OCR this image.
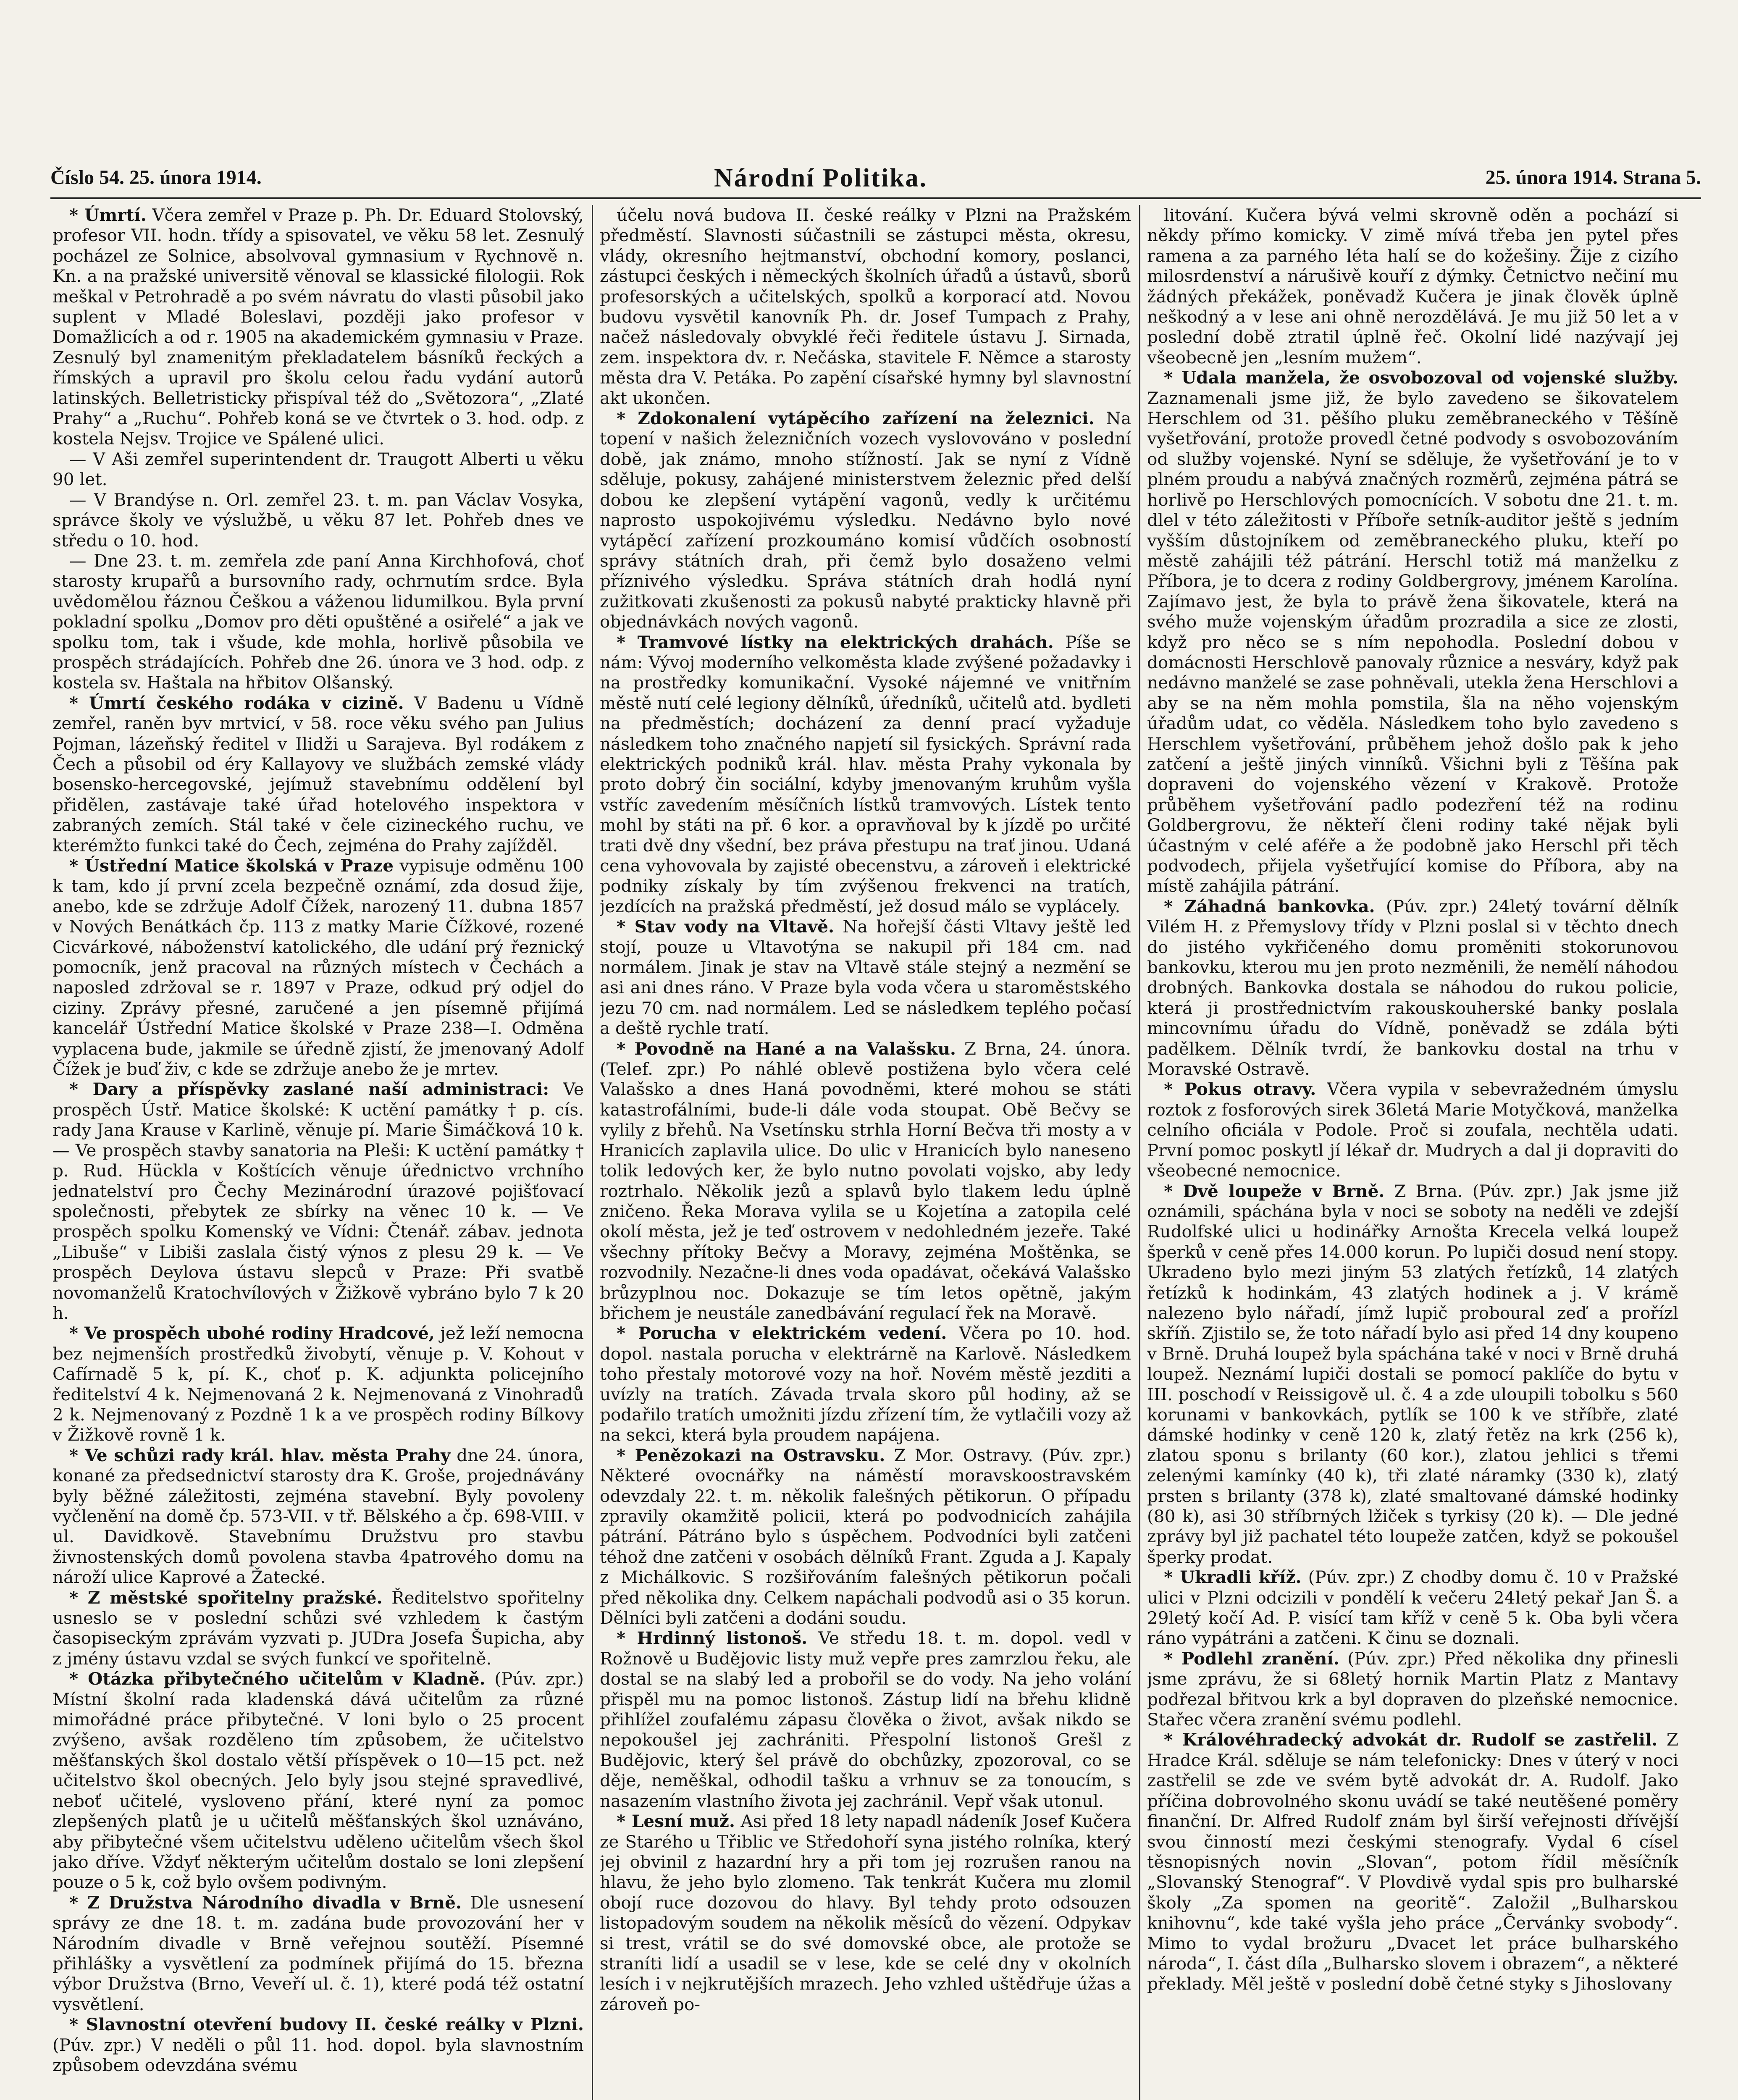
Číslo 54. 25. února 1914.	Národní Politika.	25. února 1914. Strana 5.

* Úmrtí. Včera zemřel v Praze p. Ph. Dr. Eduard Stolovský, profesor VII. hodn. třídy a spisovatel, ve věku 58 let. Zesnulý pocházel ze Solnice, absolvoval gymnasium v Rychnově n. Kn. a na pražské universitě věnoval se klassické filologii. Rok meškal v Petrohradě a po svém návratu do vlasti působil jako suplent v Mladé Boleslavi, později jako profesor v Domažlicích a od r. 1905 na akademickém gymnasiu v Praze. Zesnulý byl znamenitým překladatelem básníků řeckých a římských a upravil pro školu celou řadu vydání autorů latinských. Belletristicky přispíval též do „Světozora“, „Zlaté Prahy“ a „Ruchu“. Pohřeb koná se ve čtvrtek o 3. hod. odp. z kostela Nejsv. Trojice ve Spálené ulici.

— V Aši zemřel superintendent dr. Traugott Alberti u věku 90 let.

— V Brandýse n. Orl. zemřel 23. t. m. pan Václav Vosyka, správce školy ve výslužbě, u věku 87 let. Pohřeb dnes ve středu o 10. hod.

— Dne 23. t. m. zemřela zde paní Anna Kirchhofová, choť starosty krupařů a bursovního rady, ochrnutím srdce. Byla uvědomělou řáznou Češkou a váženou lidumilkou. Byla první pokladní spolku „Domov pro děti opuštěné a osiřelé“ a jak ve spolku tom, tak i všude, kde mohla, horlivě působila ve prospěch strádajících. Pohřeb dne 26. února ve 3 hod. odp. z kostela sv. Haštala na hřbitov Olšanský.

* Úmrtí českého rodáka v cizině. V Badenu u Vídně zemřel, raněn byv mrtvicí, v 58. roce věku svého pan Julius Pojman, lázeňský ředitel v Ilidži u Sarajeva. Byl rodákem z Čech a působil od éry Kallayovy ve službách zemské vlády bosensko-hercegovské, jejímuž stavebnímu oddělení byl přidělen, zastávaje také úřad hotelového inspektora v zabraných zemích. Stál také v čele cizineckého ruchu, ve kterémžto funkci také do Čech, zejména do Prahy zajížděl.

* Ústřední Matice školská v Praze vypisuje odměnu 100 k tam, kdo jí první zcela bezpečně oznámí, zda dosud žije, anebo, kde se zdržuje Adolf Čížek, narozený 11. dubna 1857 v Nových Benátkách čp. 113 z matky Marie Čížkové, rozené Cicvárkové, náboženství katolického, dle udání prý řeznický pomocník, jenž pracoval na různých místech v Čechách a naposled zdržoval se r. 1897 v Praze, odkud prý odjel do ciziny. Zprávy přesné, zaručené a jen písemně přijímá kancelář Ústřední Matice školské v Praze 238—I. Odměna vyplacena bude, jakmile se úředně zjistí, že jmenovaný Adolf Čížek je buď živ, c kde se zdržuje anebo že je mrtev.

* Dary a příspěvky zaslané naší administraci: Ve prospěch Ústř. Matice školské: K uctění památky † p. cís. rady Jana Krause v Karlině, věnuje pí. Marie Šimáčková 10 k. — Ve prospěch stavby sanatoria na Pleši: K uctění památky † p. Rud. Hückla v Koštících věnuje úřednictvo vrchního jednatelství pro Čechy Mezinárodní úrazové pojišťovací společnosti, přebytek ze sbírky na věnec 10 k. — Ve prospěch spolku Komenský ve Vídni: Čtenář. zábav. jednota „Libuše“ v Libiši zaslala čistý výnos z plesu 29 k. — Ve prospěch Deylova ústavu slepců v Praze: Při svatbě novomanželů Kratochvílových v Žižkově vybráno bylo 7 k 20 h.

* Ve prospěch ubohé rodiny Hradcové, jež leží nemocna bez nejmenších prostředků živobytí, věnuje p. V. Kohout v Cafírnadě 5 k, pí. K., choť p. K. adjunkta policejního ředitelství 4 k. Nejmenovaná 2 k. Nejmenovaná z Vinohradů 2 k. Nejmenovaný z Pozdně 1 k a ve prospěch rodiny Bílkovy v Žižkově rovně 1 k.

* Ve schůzi rady král. hlav. města Prahy dne 24. února, konané za předsednictví starosty dra K. Groše, projednávány byly běžné záležitosti, zejména stavební. Byly povoleny vyčlenění na domě čp. 573-VII. v tř. Bělského a čp. 698-VIII. v ul. Davidkově. Stavebnímu Družstvu pro stavbu živnostenských domů povolena stavba 4patrového domu na nároží ulice Kaprové a Žatecké.

* Z městské spořitelny pražské. Ředitelstvo spořitelny usneslo se v poslední schůzi své vzhledem k častým časopiseckým zprávám vyzvati p. JUDra Josefa Šupicha, aby z jmény ústavu vzdal se svých funkcí ve spořitelně.

* Otázka přibytečného učitelům v Kladně. (Púv. zpr.) Místní školní rada kladenská dává učitelům za různé mimořádné práce přibytečné. V loni bylo o 25 procent zvýšeno, avšak rozděleno tím způsobem, že učitelstvo měšťanských škol dostalo větší příspěvek o 10—15 pct. než učitelstvo škol obecných. Jelo byly jsou stejné spravedlivé, neboť učitelé, vysloveno přání, které nyní za pomoc zlepšených platů je u učitelů měšťanských škol uznáváno, aby přibytečné všem učitelstvu uděleno učitelům všech škol jako dříve. Vždyť některým učitelům dostalo se loni zlepšení pouze o 5 k, což bylo ovšem podivným.

* Z Družstva Národního divadla v Brně. Dle usnesení správy ze dne 18. t. m. zadána bude provozování her v Národním divadle v Brně veřejnou soutěží. Písemné přihlášky a vysvětlení za podmínek přijímá do 15. března výbor Družstva (Brno, Veveří ul. č. 1), které podá též ostatní vysvětlení.

* Slavnostní otevření budovy II. české reálky v Plzni. (Púv. zpr.) V neděli o půl 11. hod. dopol. byla slavnostním způsobem odevzdána svému

účelu nová budova II. české reálky v Plzni na Pražském předměstí. Slavnosti súčastnili se zástupci města, okresu, vlády, okresního hejtmanství, obchodní komory, poslanci, zástupci českých i německých školních úřadů a ústavů, sborů profesorských a učitelských, spolků a korporací atd. Novou budovu vysvětil kanovník Ph. dr. Josef Tumpach z Prahy, načež následovaly obvyklé řeči ředitele ústavu J. Sirnada, zem. inspektora dv. r. Nečáska, stavitele F. Němce a starosty města dra V. Petáka. Po zapění císařské hymny byl slavnostní akt ukončen.

* Zdokonalení vytápěcího zařízení na železnici. Na topení v našich železničních vozech vyslovováno v poslední době, jak známo, mnoho stížností. Jak se nyní z Vídně sděluje, pokusy, zahájené ministerstvem železnic před delší dobou ke zlepšení vytápění vagonů, vedly k určitému naprosto uspokojivému výsledku. Nedávno bylo nové vytápěcí zařízení prozkoumáno komisí vůdčích osobností správy státních drah, při čemž bylo dosaženo velmi příznivého výsledku. Správa státních drah hodlá nyní zužitkovati zkušenosti za pokusů nabyté prakticky hlavně při objednávkách nových vagonů.

* Tramvové lístky na elektrických drahách. Píše se nám: Vývoj moderního velkoměsta klade zvýšené požadavky i na prostředky komunikační. Vysoké nájemné ve vnitřním městě nutí celé legiony dělníků, úředníků, učitelů atd. bydleti na předměstích; docházení za denní prací vyžaduje následkem toho značného napjetí sil fysických. Správní rada elektrických podniků král. hlav. města Prahy vykonala by proto dobrý čin sociální, kdyby jmenovaným kruhům vyšla vstříc zavedením měsíčních lístků tramvových. Lístek tento mohl by státi na př. 6 kor. a opravňoval by k jízdě po určité trati dvě dny všední, bez práva přestupu na trať jinou. Udaná cena vyhovovala by zajisté obecenstvu, a zároveň i elektrické podniky získaly by tím zvýšenou frekvenci na tratích, jezdících na pražská předměstí, jež dosud málo se vyplácely.

* Stav vody na Vltavě. Na hořejší části Vltavy ještě led stojí, pouze u Vltavotýna se nakupil při 184 cm. nad normálem. Jinak je stav na Vltavě stále stejný a nezmění se asi ani dnes ráno. V Praze byla voda včera u staroměstského jezu 70 cm. nad normálem. Led se následkem teplého počasí a deště rychle tratí.

* Povodně na Hané a na Valašsku. Z Brna, 24. února. (Telef. zpr.) Po náhlé oblevě postižena bylo včera celé Valašsko a dnes Haná povodněmi, které mohou se státi katastrofálními, bude-li dále voda stoupat. Obě Bečvy se vylily z břehů. Na Vsetínsku strhla Horní Bečva tři mosty a v Hranicích zaplavila ulice. Do ulic v Hranicích bylo naneseno tolik ledových ker, že bylo nutno povolati vojsko, aby ledy roztrhalo. Několik jezů a splavů bylo tlakem ledu úplně zničeno. Řeka Morava vylila se u Kojetína a zatopila celé okolí města, jež je teď ostrovem v nedohledném jezeře. Také všechny přítoky Bečvy a Moravy, zejména Moštěnka, se rozvodnily. Nezačne-li dnes voda opadávat, očekává Valašsko brůzyplnou noc. Dokazuje se tím letos opětně, jakým břichem je neustále zanedbávání regulací řek na Moravě.

* Porucha v elektrickém vedení. Včera po 10. hod. dopol. nastala porucha v elektrárně na Karlově. Následkem toho přestaly motorové vozy na hoř. Novém městě jezditi a uvízly na tratích. Závada trvala skoro půl hodiny, až se podařilo tratích umožniti jízdu zřízení tím, že vytlačili vozy až na sekci, která byla proudem napájena.

* Penězokazi na Ostravsku. Z Mor. Ostravy. (Púv. zpr.) Některé ovocnářky na náměstí moravskoostravském odevzdaly 22. t. m. několik falešných pětikorun. O případu zpravily okamžitě policii, která po podvodnicích zahájila pátrání. Pátráno bylo s úspěchem. Podvodníci byli zatčeni téhož dne zatčeni v osobách dělníků Frant. Zguda a J. Kapaly z Michálkovic. S rozšiřováním falešných pětikorun počali před několika dny. Celkem napáchali podvodů asi o 35 korun. Dělníci byli zatčeni a dodáni soudu.

* Hrdinný listonoš. Ve středu 18. t. m. dopol. vedl v Rožnově u Budějovic listy muž vepře pres zamrzlou řeku, ale dostal se na slabý led a probořil se do vody. Na jeho volání přispěl mu na pomoc listonoš. Zástup lidí na břehu klidně přihlížel zoufalému zápasu člověka o život, avšak nikdo se nepokoušel jej zachrániti. Přespolní listonoš Grešl z Budějovic, který šel právě do obchůzky, zpozoroval, co se děje, neměškal, odhodil tašku a vrhnuv se za tonoucím, s nasazením vlastního života jej zachránil. Vepř však utonul.

* Lesní muž. Asi před 18 lety napadl nádeník Josef Kučera ze Starého u Třiblic ve Středohoří syna jistého rolníka, který jej obvinil z hazardní hry a při tom jej rozrušen ranou na hlavu, že jeho bylo zlomeno. Tak tenkrát Kučera mu zlomil obojí ruce dozovou do hlavy. Byl tehdy proto odsouzen listopadovým soudem na několik měsíců do vězení. Odpykav si trest, vrátil se do své domovské obce, ale protože se straníti lidí a usadil se v lese, kde se celé dny v okolních lesích i v nejkrutějších mrazech. Jeho vzhled uštědřuje úžas a zároveň po-

litování. Kučera bývá velmi skrovně oděn a pochází si někdy přímo komicky. V zimě mívá třeba jen pytel přes ramena a za parného léta halí se do kožešiny. Žije z cizího milosrdenství a nárušivě kouří z dýmky. Četnictvo nečiní mu žádných překážek, poněvadž Kučera je jinak člověk úplně neškodný a v lese ani ohně nerozdělává. Je mu již 50 let a v poslední době ztratil úplně řeč. Okolní lidé nazývají jej všeobecně jen „lesním mužem“.

* Udala manžela, že osvobozoval od vojenské služby. Zaznamenali jsme již, že bylo zavedeno se šikovatelem Herschlem od 31. pěšího pluku zeměbraneckého v Těšíně vyšetřování, protože provedl četné podvody s osvobozováním od služby vojenské. Nyní se sděluje, že vyšetřování je to v plném proudu a nabývá značných rozměrů, zejména pátrá se horlivě po Herschlových pomocnících. V sobotu dne 21. t. m. dlel v této záležitosti v Příboře setník-auditor ještě s jedním vyšším důstojníkem od zeměbraneckého pluku, kteří po městě zahájili též pátrání. Herschl totiž má manželku z Příbora, je to dcera z rodiny Goldbergrovy, jménem Karolína. Zajímavo jest, že byla to právě žena šikovatele, která na svého muže vojenským úřadům prozradila a sice ze zlosti, když pro něco se s ním nepohodla. Poslední dobou v domácnosti Herschlově panovaly různice a nesváry, když pak nedávno manželé se zase pohněvali, utekla žena Herschlovi a aby se na něm mohla pomstila, šla na něho vojenským úřadům udat, co věděla. Následkem toho bylo zavedeno s Herschlem vyšetřování, průběhem jehož došlo pak k jeho zatčení a ještě jiných vinníků. Všichni byli z Těšína pak dopraveni do vojenského vězení v Krakově. Protože průběhem vyšetřování padlo podezření též na rodinu Goldbergrovu, že někteří členi rodiny také nějak byli účastným v celé aféře a že podobně jako Herschl při těch podvodech, přijela vyšetřující komise do Příbora, aby na místě zahájila pátrání.

* Záhadná bankovka. (Púv. zpr.) 24letý tovární dělník Vilém H. z Přemyslovy třídy v Plzni poslal si v těchto dnech do jistého vykřičeného domu proměniti stokorunovou bankovku, kterou mu jen proto nezměnili, že nemělí náhodou drobných. Bankovka dostala se náhodou do rukou policie, která ji prostřednictvím rakouskouherské banky poslala mincovnímu úřadu do Vídně, poněvadž se zdála býti padělkem. Dělník tvrdí, že bankovku dostal na trhu v Moravské Ostravě.

* Pokus otravy. Včera vypila v sebevražedném úmyslu roztok z fosforových sirek 36letá Marie Motyčková, manželka celního oficiála v Podole. Proč si zoufala, nechtěla udati. První pomoc poskytl jí lékař dr. Mudrych a dal ji dopraviti do všeobecné nemocnice.

* Dvě loupeže v Brně. Z Brna. (Púv. zpr.) Jak jsme již oznámili, spáchána byla v noci se soboty na neděli ve zdejší Rudolfské ulici u hodinářky Arnošta Krecela velká loupež šperků v ceně přes 14.000 korun. Po lupiči dosud není stopy. Ukradeno bylo mezi jiným 53 zlatých řetízků, 14 zlatých řetízků k hodinkám, 43 zlatých hodinek a j. V krámě nalezeno bylo nářadí, jímž lupič proboural zeď a prořízl skříň. Zjistilo se, že toto nářadí bylo asi před 14 dny koupeno v Brně. Druhá loupež byla spáchána také v noci v Brně druhá loupež. Neznámí lupiči dostali se pomocí paklíče do bytu v III. poschodí v Reissigově ul. č. 4 a zde uloupili tobolku s 560 korunami v bankovkách, pytlík se 100 k ve stříbře, zlaté dámské hodinky v ceně 120 k, zlatý řetěz na krk (256 k), zlatou sponu s brilanty (60 kor.), zlatou jehlici s třemi zelenými kamínky (40 k), tři zlaté náramky (330 k), zlatý prsten s brilanty (378 k), zlaté smaltované dámské hodinky (80 k), asi 30 stříbrných lžiček s tyrkisy (20 k). — Dle jedné zprávy byl již pachatel této loupeže zatčen, když se pokoušel šperky prodat.

* Ukradli kříž. (Púv. zpr.) Z chodby domu č. 10 v Pražské ulici v Plzni odcizili v pondělí k večeru 24letý pekař Jan Š. a 29letý kočí Ad. P. visící tam kříž v ceně 5 k. Oba byli včera ráno vypátráni a zatčeni. K činu se doznali.

* Podlehl zranění. (Púv. zpr.) Před několika dny přinesli jsme zprávu, že si 68letý hornik Martin Platz z Mantavy podřezal břitvou krk a byl dopraven do plzeňské nemocnice. Stařec včera zranění svému podlehl.

* Královéhradecký advokát dr. Rudolf se zastřelil. Z Hradce Král. sděluje se nám telefonicky: Dnes v úterý v noci zastřelil se zde ve svém bytě advokát dr. A. Rudolf. Jako příčina dobrovolného skonu uvádí se také neutěšené poměry finanční. Dr. Alfred Rudolf znám byl širší veřejnosti dřívější svou činností mezi českými stenografy. Vydal 6 císel těsnopisných novin „Slovan“, potom řídil měsíčník „Slovanský Stenograf“. V Plovdivě vydal spis pro bulharské školy „Za spomen na georitě“. Založil „Bulharskou knihovnu“, kde také vyšla jeho práce „Červánky svobody“. Mimo to vydal brožuru „Dvacet let práce bulharského národa“, I. část díla „Bulharsko slovem i obrazem“, a některé překlady. Měl ještě v poslední době četné styky s Jihoslovany
